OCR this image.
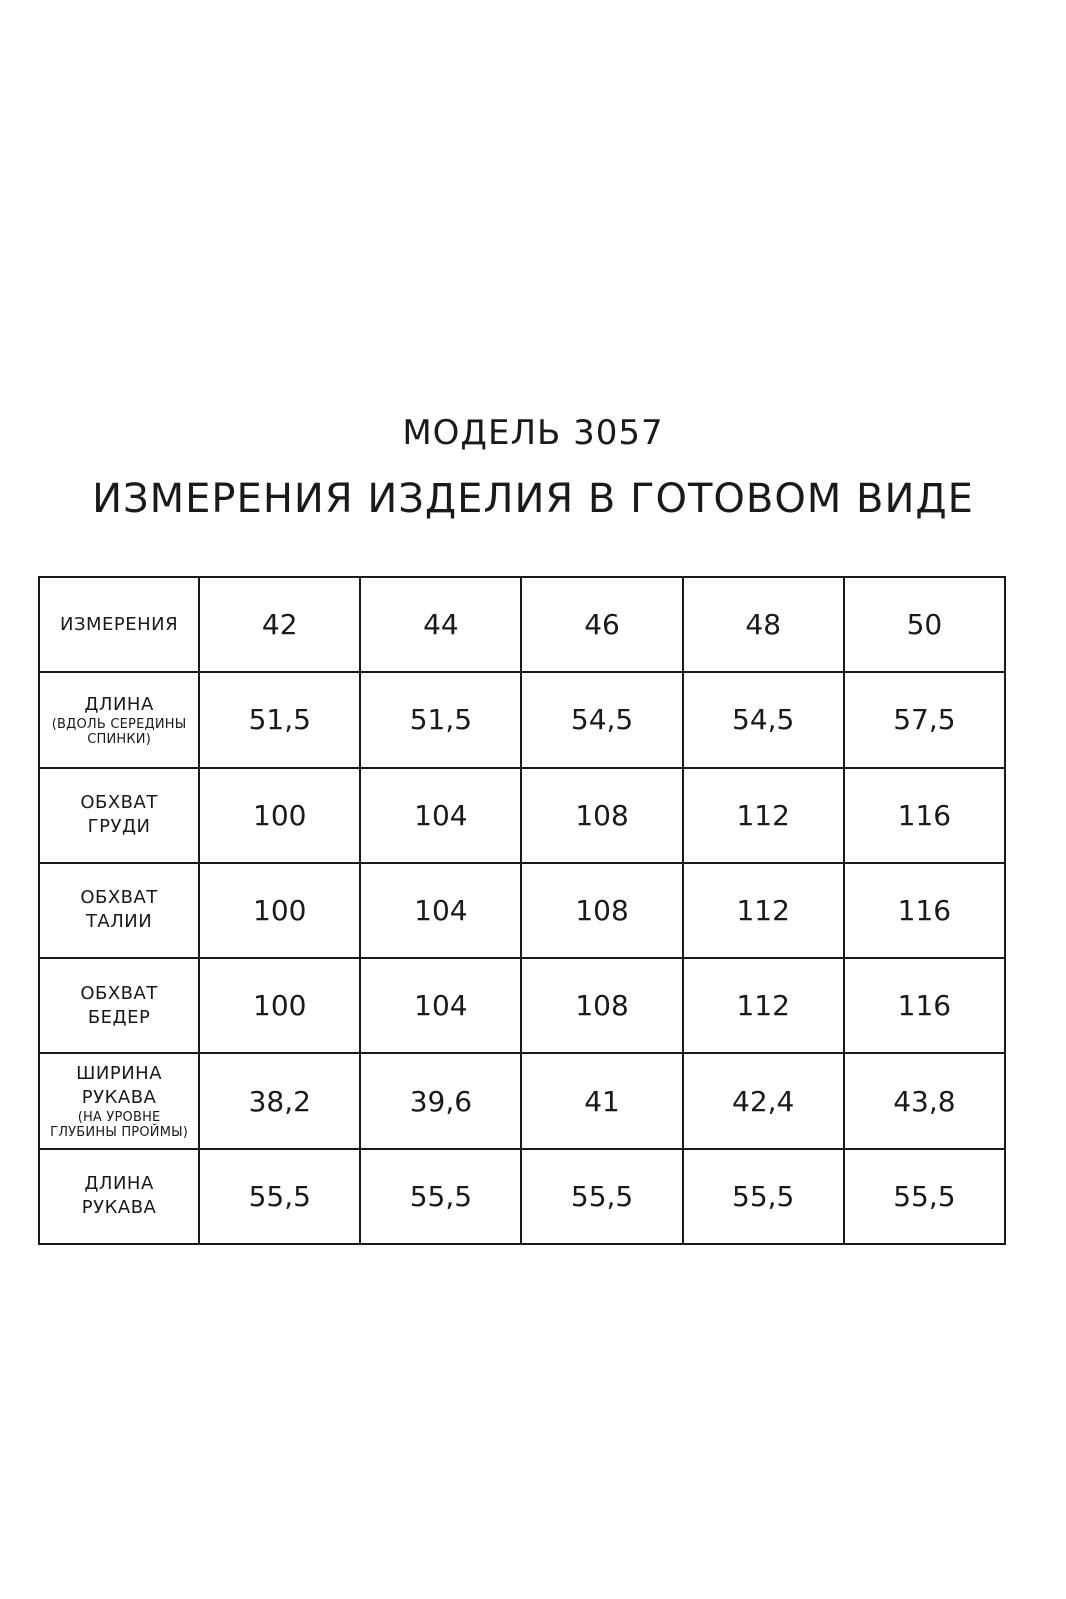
МОДЕЛЬ 3057
ИЗМЕРЕНИЯ ИЗДЕЛИЯ В ГОТОВОМ ВИДЕ
ИЗМЕРЕНИЯ	42	44	46	48	50

ДЛИНА
(ВДОЛЬ СЕРЕДИНЫ
СПИНКИ)	51,5	51,5	54,5	54,5	57,5

ОБХВАТ
ГРУДИ	100	104	108	112	116

ОБХВАТ
ТАЛИИ	100	104	108	112	116

ОБХВАТ
БЕДЕР	100	104	108	112	116

ШИРИНА
РУКАВА
(НА УРОВНЕ
ГЛУБИНЫ ПРОЙМЫ)	38,2	39,6	41	42,4	43,8

ДЛИНА
РУКАВА	55,5	55,5	55,5	55,5	55,5
